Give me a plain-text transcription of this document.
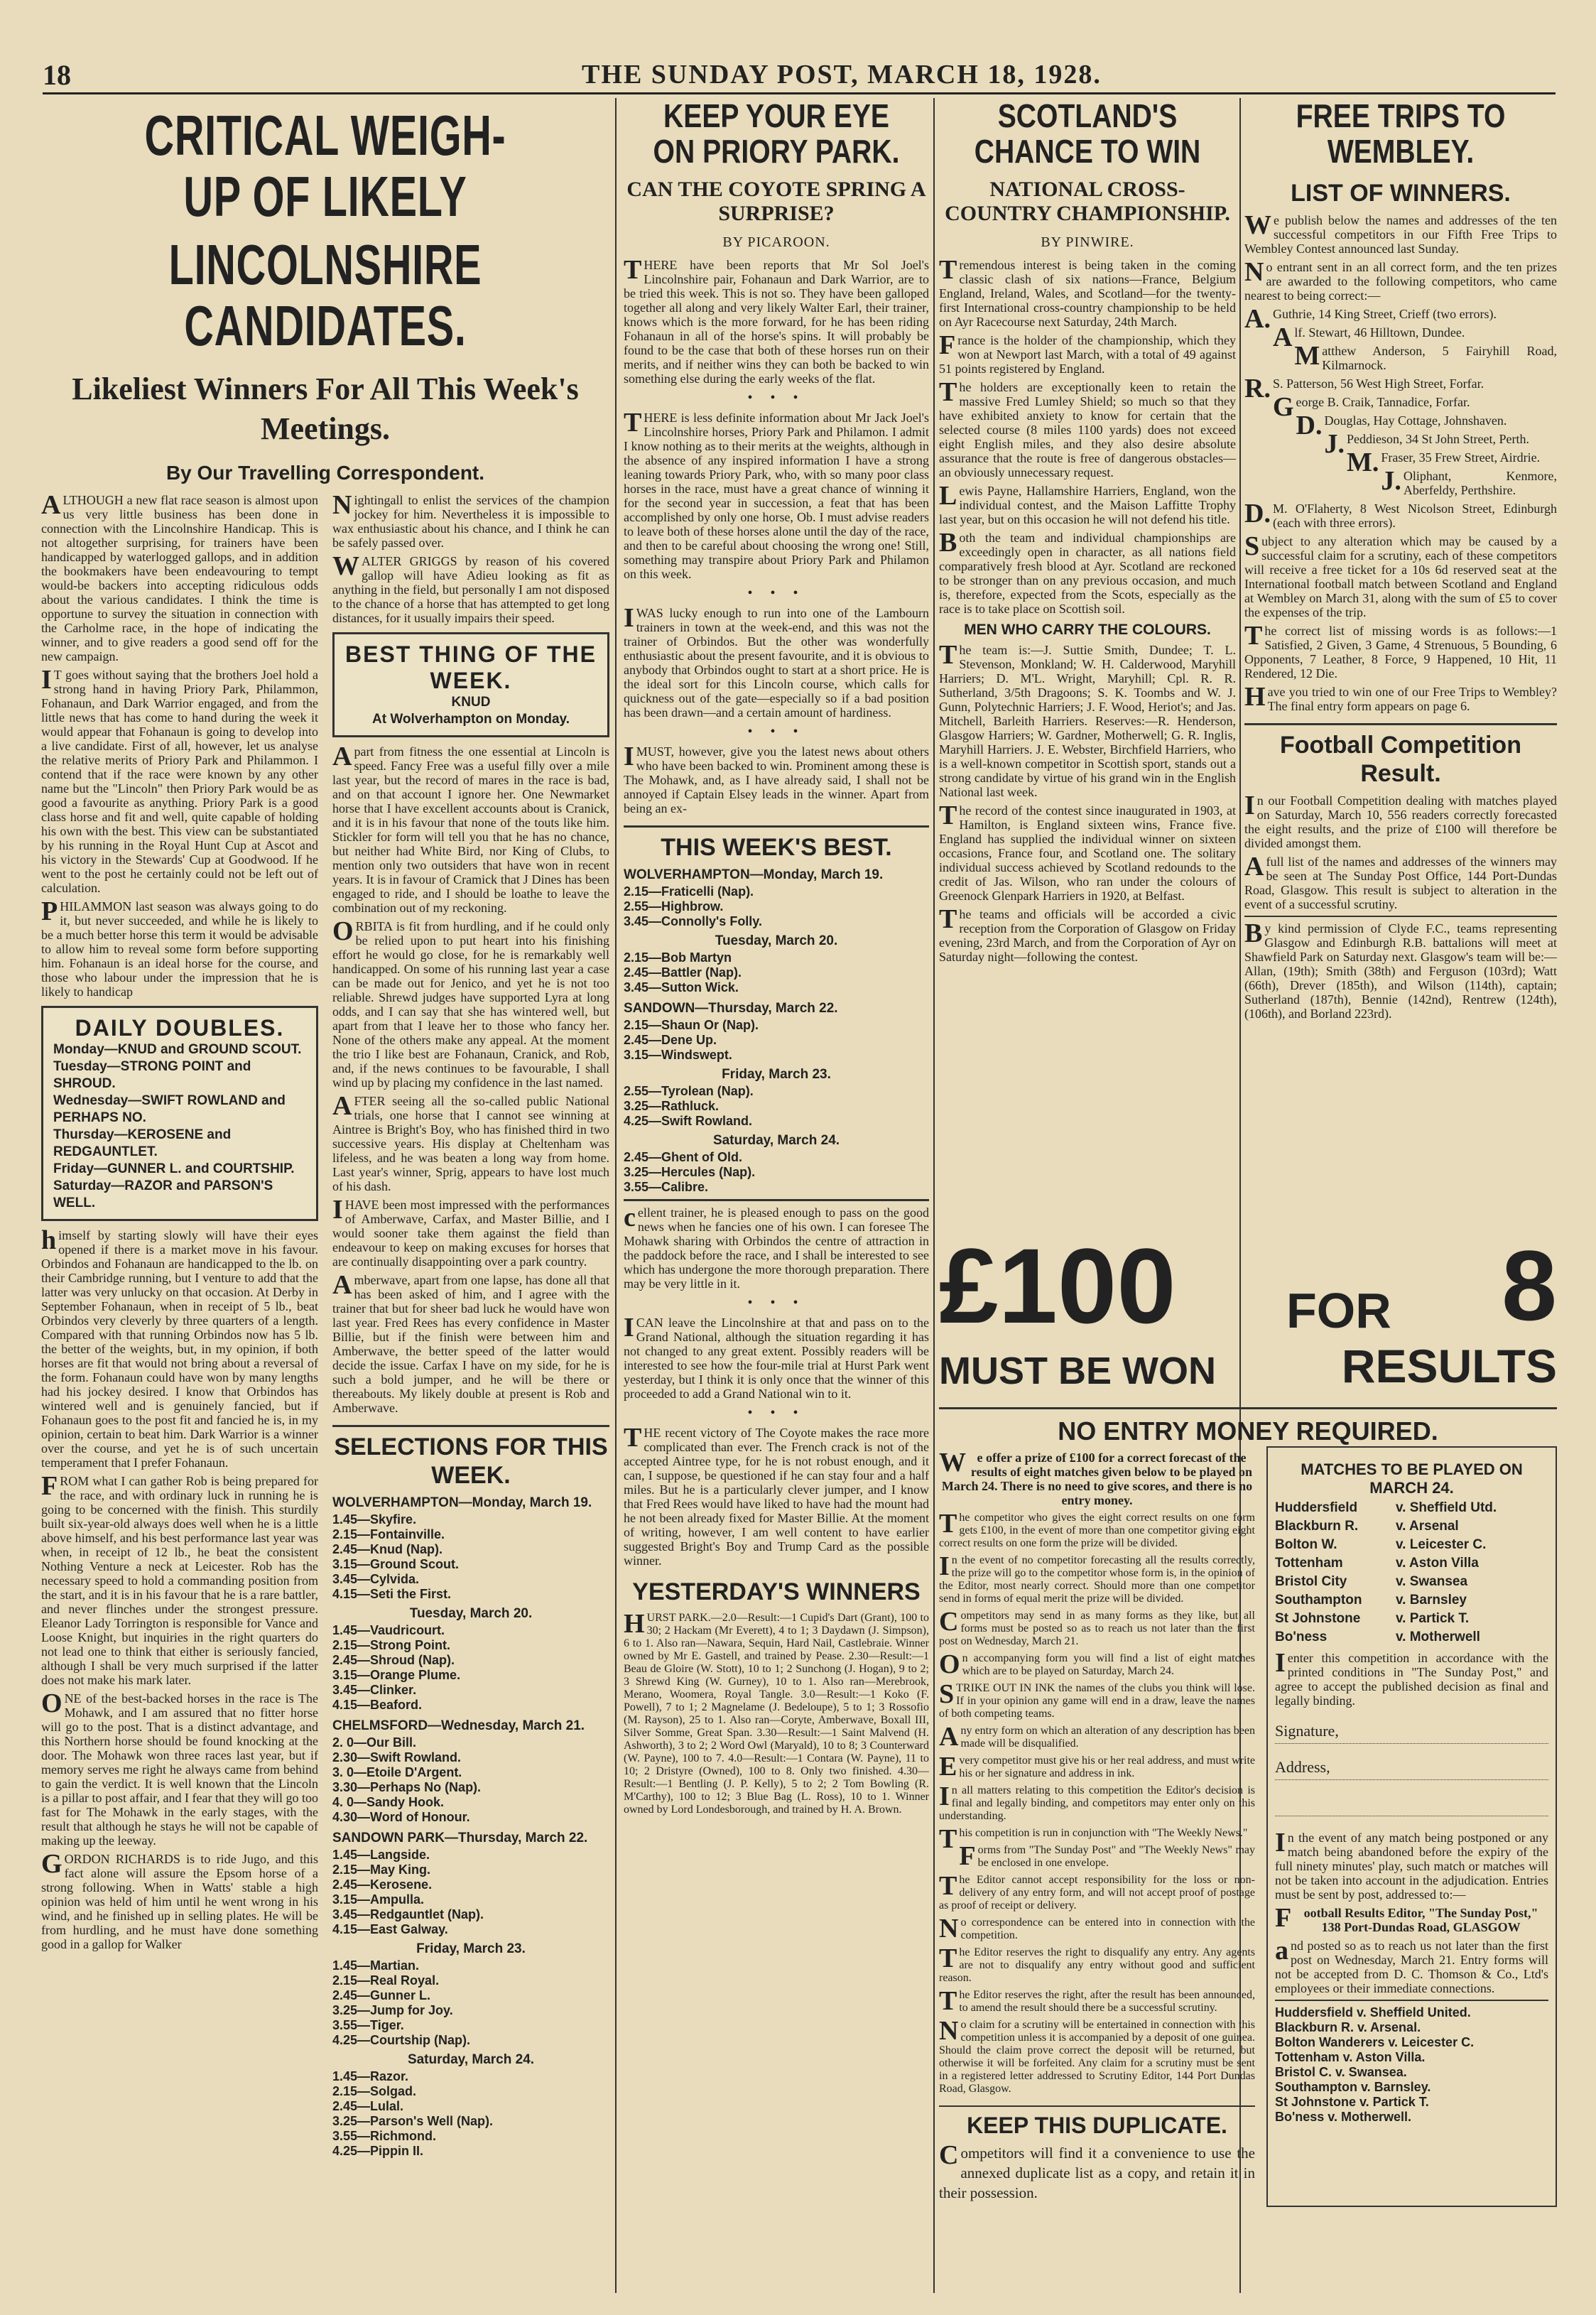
18	THE SUNDAY POST, MARCH 18, 1928.
CRITICAL WEIGH-UP OF LIKELY
LINCOLNSHIRE CANDIDATES.
Likeliest Winners For All This Week's Meetings.
By Our Travelling Correspondent.

ALTHOUGH a new flat race season is almost upon us very little business has been done in connection with the Lincolnshire Handicap. This is not altogether surprising, for trainers have been handicapped by waterlogged gallops, and in addition the bookmakers have been endeavouring to tempt would-be backers into accepting ridiculous odds about the various candidates. I think the time is opportune to survey the situation in connection with the Carholme race, in the hope of indicating the winner, and to give readers a good send off for the new campaign.

IT goes without saying that the brothers Joel hold a strong hand in having Priory Park, Philammon, Fohanaun, and Dark Warrior engaged, and from the little news that has come to hand during the week it would appear that Fohanaun is going to develop into a live candidate. First of all, however, let us analyse the relative merits of Priory Park and Philammon. I contend that if the race were known by any other name but the "Lincoln" then Priory Park would be as good a favourite as anything. Priory Park is a good class horse and fit and well, quite capable of holding his own with the best. This view can be substantiated by his running in the Royal Hunt Cup at Ascot and his victory in the Stewards' Cup at Goodwood. If he went to the post he certainly could not be left out of calculation.

PHILAMMON last season was always going to do it, but never succeeded, and while he is likely to be a much better horse this term it would be advisable to allow him to reveal some form before supporting him. Fohanaun is an ideal horse for the course, and those who labour under the impression that he is likely to handicap

DAILY DOUBLES.
Monday—KNUD and GROUND SCOUT.
Tuesday—STRONG POINT and SHROUD.
Wednesday—SWIFT ROWLAND and PERHAPS NO.
Thursday—KEROSENE and REDGAUNTLET.
Friday—GUNNER L. and COURTSHIP.
Saturday—RAZOR and PARSON'S WELL.

himself by starting slowly will have their eyes opened if there is a market move in his favour. Orbindos and Fohanaun are handicapped to the lb. on their Cambridge running, but I venture to add that the latter was very unlucky on that occasion. At Derby in September Fohanaun, when in receipt of 5 lb., beat Orbindos very cleverly by three quarters of a length. Compared with that running Orbindos now has 5 lb. the better of the weights, but, in my opinion, if both horses are fit that would not bring about a reversal of the form. Fohanaun could have won by many lengths had his jockey desired. I know that Orbindos has wintered well and is genuinely fancied, but if Fohanaun goes to the post fit and fancied he is, in my opinion, certain to beat him. Dark Warrior is a winner over the course, and yet he is of such uncertain temperament that I prefer Fohanaun.

FROM what I can gather Rob is being prepared for the race, and with ordinary luck in running he is going to be concerned with the finish. This sturdily built six-year-old always does well when he is a little above himself, and his best performance last year was when, in receipt of 12 lb., he beat the consistent Nothing Venture a neck at Leicester. Rob has the necessary speed to hold a commanding position from the start, and it is in his favour that he is a rare battler, and never flinches under the strongest pressure. Eleanor Lady Torrington is responsible for Vance and Loose Knight, but inquiries in the right quarters do not lead one to think that either is seriously fancied, although I shall be very much surprised if the latter does not make his mark later.

ONE of the best-backed horses in the race is The Mohawk, and I am assured that no fitter horse will go to the post. That is a distinct advantage, and this Northern horse should be found knocking at the door. The Mohawk won three races last year, but if memory serves me right he always came from behind to gain the verdict. It is well known that the Lincoln is a pillar to post affair, and I fear that they will go too fast for The Mohawk in the early stages, with the result that although he stays he will not be capable of making up the leeway.

GORDON RICHARDS is to ride Jugo, and this fact alone will assure the Epsom horse of a strong following. When in Watts' stable a high opinion was held of him until he went wrong in his wind, and he finished up in selling plates. He will be from hurdling, and he must have done something good in a gallop for Walker

Nightingall to enlist the services of the champion jockey for him. Nevertheless it is impossible to wax enthusiastic about his chance, and I think he can be safely passed over.

WALTER GRIGGS by reason of his covered gallop will have Adieu looking as fit as anything in the field, but personally I am not disposed to the chance of a horse that has attempted to get long distances, for it usually impairs their speed.

BEST THING OF THE WEEK.
KNUD
At Wolverhampton on Monday.

Apart from fitness the one essential at Lincoln is speed. Fancy Free was a useful filly over a mile last year, but the record of mares in the race is bad, and on that account I ignore her. One Newmarket horse that I have excellent accounts about is Cranick, and it is in his favour that none of the touts like him. Stickler for form will tell you that he has no chance, but neither had White Bird, nor King of Clubs, to mention only two outsiders that have won in recent years. It is in favour of Cramick that J Dines has been engaged to ride, and I should be loathe to leave the combination out of my reckoning.

ORBITA is fit from hurdling, and if he could only be relied upon to put heart into his finishing effort he would go close, for he is remarkably well handicapped. On some of his running last year a case can be made out for Jenico, and yet he is not too reliable. Shrewd judges have supported Lyra at long odds, and I can say that she has wintered well, but apart from that I leave her to those who fancy her. None of the others make any appeal. At the moment the trio I like best are Fohanaun, Cranick, and Rob, and, if the news continues to be favourable, I shall wind up by placing my confidence in the last named.

AFTER seeing all the so-called public National trials, one horse that I cannot see winning at Aintree is Bright's Boy, who has finished third in two successive years. His display at Cheltenham was lifeless, and he was beaten a long way from home. Last year's winner, Sprig, appears to have lost much of his dash.

IHAVE been most impressed with the performances of Amberwave, Carfax, and Master Billie, and I would sooner take them against the field than endeavour to keep on making excuses for horses that are continually disappointing over a park country.

Amberwave, apart from one lapse, has done all that has been asked of him, and I agree with the trainer that but for sheer bad luck he would have won last year. Fred Rees has every confidence in Master Billie, but if the finish were between him and Amberwave, the better speed of the latter would decide the issue. Carfax I have on my side, for he is such a bold jumper, and he will be there or thereabouts. My likely double at present is Rob and Amberwave.

SELECTIONS FOR THIS WEEK.
WOLVERHAMPTON—Monday, March 19.
1.45—Skyfire.
2.15—Fontainville.
2.45—Knud (Nap).
3.15—Ground Scout.
3.45—Cylvida.
4.15—Seti the First.
Tuesday, March 20.
1.45—Vaudricourt.
2.15—Strong Point.
2.45—Shroud (Nap).
3.15—Orange Plume.
3.45—Clinker.
4.15—Beaford.
CHELMSFORD—Wednesday, March 21.
2. 0—Our Bill.
2.30—Swift Rowland.
3. 0—Etoile D'Argent.
3.30—Perhaps No (Nap).
4. 0—Sandy Hook.
4.30—Word of Honour.
SANDOWN PARK—Thursday, March 22.
1.45—Langside.
2.15—May King.
2.45—Kerosene.
3.15—Ampulla.
3.45—Redgauntlet (Nap).
4.15—East Galway.
Friday, March 23.
1.45—Martian.
2.15—Real Royal.
2.45—Gunner L.
3.25—Jump for Joy.
3.55—Tiger.
4.25—Courtship (Nap).
Saturday, March 24.
1.45—Razor.
2.15—Solgad.
2.45—Lulal.
3.25—Parson's Well (Nap).
3.55—Richmond.
4.25—Pippin II.
KEEP YOUR EYE ON PRIORY PARK.
CAN THE COYOTE SPRING A SURPRISE?
BY PICAROON.

THERE have been reports that Mr Sol Joel's Lincolnshire pair, Fohanaun and Dark Warrior, are to be tried this week. This is not so. They have been galloped together all along and very likely Walter Earl, their trainer, knows which is the more forward, for he has been riding Fohanaun in all of the horse's spins. It will probably be found to be the case that both of these horses run on their merits, and if neither wins they can both be backed to win something else during the early weeks of the flat.

• • •

THERE is less definite information about Mr Jack Joel's Lincolnshire horses, Priory Park and Philamon. I admit I know nothing as to their merits at the weights, although in the absence of any inspired information I have a strong leaning towards Priory Park, who, with so many poor class horses in the race, must have a great chance of winning it for the second year in succession, a feat that has been accomplished by only one horse, Ob. I must advise readers to leave both of these horses alone until the day of the race, and then to be careful about choosing the wrong one! Still, something may transpire about Priory Park and Philamon on this week.

• • •

IWAS lucky enough to run into one of the Lambourn trainers in town at the week-end, and this was not the trainer of Orbindos. But the other was wonderfully enthusiastic about the present favourite, and it is obvious to anybody that Orbindos ought to start at a short price. He is the ideal sort for this Lincoln course, which calls for quickness out of the gate—especially so if a bad position has been drawn—and a certain amount of hardiness.

• • •

IMUST, however, give you the latest news about others who have been backed to win. Prominent among these is The Mohawk, and, as I have already said, I shall not be annoyed if Captain Elsey leads in the winner. Apart from being an ex-

THIS WEEK'S BEST.
WOLVERHAMPTON—Monday, March 19.
2.15—Fraticelli (Nap).
2.55—Highbrow.
3.45—Connolly's Folly.
Tuesday, March 20.
2.15—Bob Martyn
2.45—Battler (Nap).
3.45—Sutton Wick.
SANDOWN—Thursday, March 22.
2.15—Shaun Or (Nap).
2.45—Dene Up.
3.15—Windswept.
Friday, March 23.
2.55—Tyrolean (Nap).
3.25—Rathluck.
4.25—Swift Rowland.
Saturday, March 24.
2.45—Ghent of Old.
3.25—Hercules (Nap).
3.55—Calibre.

cellent trainer, he is pleased enough to pass on the good news when he fancies one of his own. I can foresee The Mohawk sharing with Orbindos the centre of attraction in the paddock before the race, and I shall be interested to see which has undergone the more thorough preparation. There may be very little in it.

• • •

ICAN leave the Lincolnshire at that and pass on to the Grand National, although the situation regarding it has not changed to any great extent. Possibly readers will be interested to see how the four-mile trial at Hurst Park went yesterday, but I think it is only once that the winner of this proceeded to add a Grand National win to it.

• • •

THE recent victory of The Coyote makes the race more complicated than ever. The French crack is not of the accepted Aintree type, for he is not robust enough, and it can, I suppose, be questioned if he can stay four and a half miles. But he is a particularly clever jumper, and I know that Fred Rees would have liked to have had the mount had he not been already fixed for Master Billie. At the moment of writing, however, I am well content to have earlier suggested Bright's Boy and Trump Card as the possible winner.

YESTERDAY'S WINNERS

HURST PARK.—2.0—Result:—1 Cupid's Dart (Grant), 100 to 30; 2 Hackam (Mr Everett), 4 to 1; 3 Daydawn (J. Simpson), 6 to 1. Also ran—Nawara, Sequin, Hard Nail, Castlebraie. Winner owned by Mr E. Gastell, and trained by Pease. 2.30—Result:—1 Beau de Gloire (W. Stott), 10 to 1; 2 Sunchong (J. Hogan), 9 to 2; 3 Shrewd King (W. Gurney), 10 to 1. Also ran—Merebrook, Merano, Woomera, Royal Tangle. 3.0—Result:—1 Koko (F. Powell), 7 to 1; 2 Magnelame (J. Bedeloupe), 5 to 1; 3 Rossofio (M. Rayson), 25 to 1. Also ran—Coryte, Amberwave, Boxall III, Silver Somme, Great Span. 3.30—Result:—1 Saint Malvend (H. Ashworth), 3 to 2; 2 Word Owl (Maryald), 10 to 8; 3 Counterward (W. Payne), 100 to 7. 4.0—Result:—1 Contara (W. Payne), 11 to 10; 2 Dristyre (Owned), 100 to 8. Only two finished. 4.30—Result:—1 Bentling (J. P. Kelly), 5 to 2; 2 Tom Bowling (R. M'Carthy), 100 to 12; 3 Blue Bag (L. Ross), 10 to 1. Winner owned by Lord Londesborough, and trained by H. A. Brown.

SCOTLAND'S CHANCE TO WIN
NATIONAL CROSS-COUNTRY CHAMPIONSHIP.
BY PINWIRE.

Tremendous interest is being taken in the coming classic clash of six nations—France, Belgium England, Ireland, Wales, and Scotland—for the twenty-first International cross-country championship to be held on Ayr Racecourse next Saturday, 24th March.

France is the holder of the championship, which they won at Newport last March, with a total of 49 against 51 points registered by England.

The holders are exceptionally keen to retain the massive Fred Lumley Shield; so much so that they have exhibited anxiety to know for certain that the selected course (8 miles 1100 yards) does not exceed eight English miles, and they also desire absolute assurance that the route is free of dangerous obstacles—an obviously unnecessary request.

Lewis Payne, Hallamshire Harriers, England, won the individual contest, and the Maison Laffitte Trophy last year, but on this occasion he will not defend his title.

Both the team and individual championships are exceedingly open in character, as all nations field comparatively fresh blood at Ayr. Scotland are reckoned to be stronger than on any previous occasion, and much is, therefore, expected from the Scots, especially as the race is to take place on Scottish soil.

MEN WHO CARRY THE COLOURS.

The team is:—J. Suttie Smith, Dundee; T. L. Stevenson, Monkland; W. H. Calderwood, Maryhill Harriers; D. M'L. Wright, Maryhill; Cpl. R. R. Sutherland, 3/5th Dragoons; S. K. Toombs and W. J. Gunn, Polytechnic Harriers; J. F. Wood, Heriot's; and Jas. Mitchell, Barleith Harriers. Reserves:—R. Henderson, Glasgow Harriers; W. Gardner, Motherwell; G. R. Inglis, Maryhill Harriers. J. E. Webster, Birchfield Harriers, who is a well-known competitor in Scottish sport, stands out a strong candidate by virtue of his grand win in the English National last week.

The record of the contest since inaugurated in 1903, at Hamilton, is England sixteen wins, France five. England has supplied the individual winner on sixteen occasions, France four, and Scotland one. The solitary individual success achieved by Scotland redounds to the credit of Jas. Wilson, who ran under the colours of Greenock Glenpark Harriers in 1920, at Belfast.

The teams and officials will be accorded a civic reception from the Corporation of Glasgow on Friday evening, 23rd March, and from the Corporation of Ayr on Saturday night—following the contest.

FREE TRIPS TO WEMBLEY.
LIST OF WINNERS.

We publish below the names and addresses of the ten successful competitors in our Fifth Free Trips to Wembley Contest announced last Sunday.

No entrant sent in an all correct form, and the ten prizes are awarded to the following competitors, who came nearest to being correct:—

A.Guthrie, 14 King Street, Crieff (two errors).

Alf. Stewart, 46 Hilltown, Dundee.

Matthew Anderson, 5 Fairyhill Road, Kilmarnock.

R.S. Patterson, 56 West High Street, Forfar.

George B. Craik, Tannadice, Forfar.

D.Douglas, Hay Cottage, Johnshaven.

J.Peddieson, 34 St John Street, Perth.

M.Fraser, 35 Frew Street, Airdrie.

J.Oliphant, Kenmore, Aberfeldy, Perthshire.

D.M. O'Flaherty, 8 West Nicolson Street, Edinburgh (each with three errors).

Subject to any alteration which may be caused by a successful claim for a scrutiny, each of these competitors will receive a free ticket for a 10s 6d reserved seat at the International football match between Scotland and England at Wembley on March 31, along with the sum of £5 to cover the expenses of the trip.

The correct list of missing words is as follows:—1 Satisfied, 2 Given, 3 Game, 4 Strenuous, 5 Bounding, 6 Opponents, 7 Leather, 8 Force, 9 Happened, 10 Hit, 11 Rendered, 12 Die.

Have you tried to win one of our Free Trips to Wembley? The final entry form appears on page 6.

Football Competition Result.

In our Football Competition dealing with matches played on Saturday, March 10, 556 readers correctly forecasted the eight results, and the prize of £100 will therefore be divided amongst them.

Afull list of the names and addresses of the winners may be seen at The Sunday Post Office, 144 Port-Dundas Road, Glasgow. This result is subject to alteration in the event of a successful scrutiny.

By kind permission of Clyde F.C., teams representing Glasgow and Edinburgh R.B. battalions will meet at Shawfield Park on Saturday next. Glasgow's team will be:—Allan, (19th); Smith (38th) and Ferguson (103rd); Watt (66th), Drever (185th), and Wilson (114th), captain; Sutherland (187th), Bennie (142nd), Rentrew (124th), (106th), and Borland 223rd).

£100 FOR 8
MUST BE WON	RESULTS
NO ENTRY MONEY REQUIRED.

We offer a prize of £100 for a correct forecast of the results of eight matches given below to be played on March 24. There is no need to give scores, and there is no entry money.

The competitor who gives the eight correct results on one form gets £100, in the event of more than one competitor giving eight correct results on one form the prize will be divided.

In the event of no competitor forecasting all the results correctly, the prize will go to the competitor whose form is, in the opinion of the Editor, most nearly correct. Should more than one competitor send in forms of equal merit the prize will be divided.

Competitors may send in as many forms as they like, but all forms must be posted so as to reach us not later than the first post on Wednesday, March 21.

On accompanying form you will find a list of eight matches which are to be played on Saturday, March 24.

STRIKE OUT IN INK the names of the clubs you think will lose. If in your opinion any game will end in a draw, leave the names of both competing teams.

Any entry form on which an alteration of any description has been made will be disqualified.

Every competitor must give his or her real address, and must write his or her signature and address in ink.

In all matters relating to this competition the Editor's decision is final and legally binding, and competitors may enter only on this understanding.

This competition is run in conjunction with "The Weekly News."

Forms from "The Sunday Post" and "The Weekly News" may be enclosed in one envelope.

The Editor cannot accept responsibility for the loss or non-delivery of any entry form, and will not accept proof of postage as proof of receipt or delivery.

No correspondence can be entered into in connection with the competition.

The Editor reserves the right to disqualify any entry. Any agents are not to disqualify any entry without good and sufficient reason.

The Editor reserves the right, after the result has been announced, to amend the result should there be a successful scrutiny.

No claim for a scrutiny will be entertained in connection with this competition unless it is accompanied by a deposit of one guinea. Should the claim prove correct the deposit will be returned, but otherwise it will be forfeited. Any claim for a scrutiny must be sent in a registered letter addressed to Scrutiny Editor, 144 Port Dundas Road, Glasgow.

KEEP THIS DUPLICATE.

Competitors will find it a convenience to use the annexed duplicate list as a copy, and retain it in their possession.

MATCHES TO BE PLAYED ON MARCH 24.
Huddersfield	v. Sheffield Utd.
Blackburn R.	v. Arsenal
Bolton W.	v. Leicester C.
Tottenham	v. Aston Villa
Bristol City	v. Swansea
Southampton	v. Barnsley
St Johnstone	v. Partick T.
Bo'ness	v. Motherwell

Ienter this competition in accordance with the printed conditions in "The Sunday Post," and agree to accept the published decision as final and legally binding.

Signature,
Address,

In the event of any match being postponed or any match being abandoned before the expiry of the full ninety minutes' play, such match or matches will not be taken into account in the adjudication. Entries must be sent by post, addressed to:—

Football Results Editor, "The Sunday Post," 138 Port-Dundas Road, GLASGOW

and posted so as to reach us not later than the first post on Wednesday, March 21. Entry forms will not be accepted from D. C. Thomson & Co., Ltd's employees or their immediate connections.

Huddersfield v. Sheffield United.
Blackburn R. v. Arsenal.
Bolton Wanderers v. Leicester C.
Tottenham v. Aston Villa.
Bristol C. v. Swansea.
Southampton v. Barnsley.
St Johnstone v. Partick T.
Bo'ness v. Motherwell.
